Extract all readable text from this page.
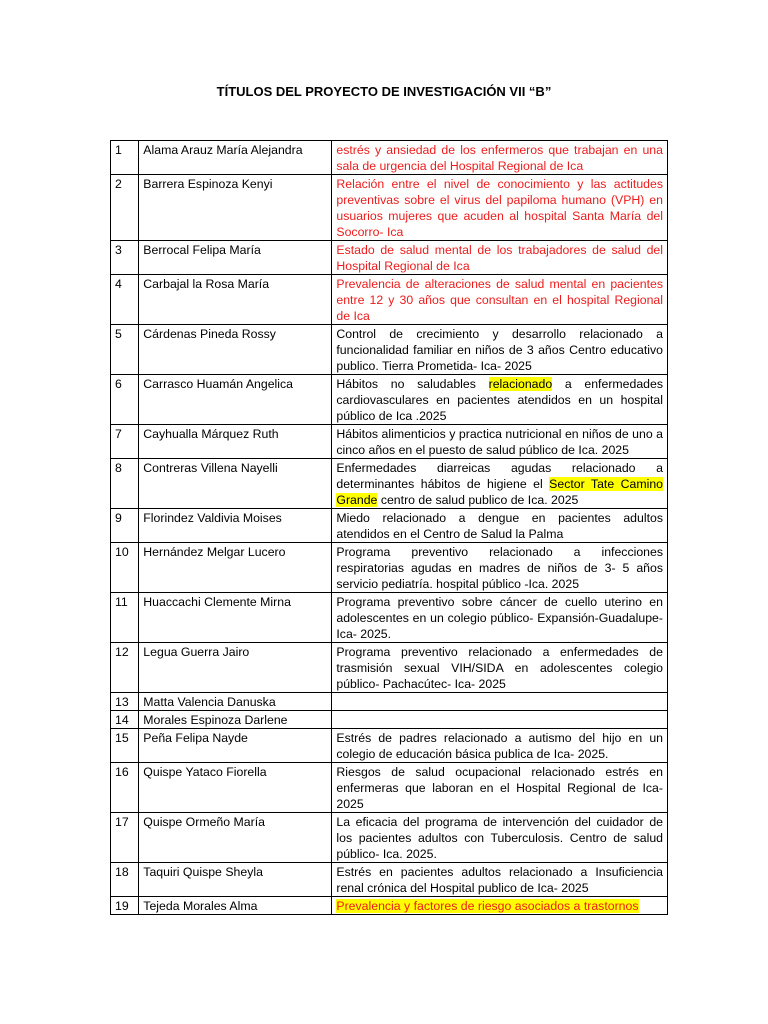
TÍTULOS DEL PROYECTO DE INVESTIGACIÓN VII “B”
1	Alama Arauz María Alejandra	estrés y ansiedad de los enfermeros que trabajan en una sala de urgencia del Hospital Regional de Ica
2	Barrera Espinoza Kenyi	Relación entre el nivel de conocimiento y las actitudes preventivas sobre el virus del papiloma humano (VPH) en usuarios mujeres que acuden al hospital Santa María del Socorro- Ica
3	Berrocal Felipa María	Estado de salud mental de los trabajadores de salud del Hospital Regional de Ica
4	Carbajal la Rosa María	Prevalencia de alteraciones de salud mental en pacientes entre 12 y 30 años que consultan en el hospital Regional de Ica
5	Cárdenas Pineda Rossy	Control de crecimiento y desarrollo relacionado a funcionalidad familiar en niños de 3 años Centro educativo publico. Tierra Prometida- Ica- 2025
6	Carrasco Huamán Angelica	Hábitos no saludables relacionado a enfermedades cardiovasculares en pacientes atendidos en un hospital público de Ica .2025
7	Cayhualla Márquez Ruth	Hábitos alimenticios y practica nutricional en niños de uno a cinco años en el puesto de salud público de Ica. 2025
8	Contreras Villena Nayelli	Enfermedades diarreicas agudas relacionado a determinantes hábitos de higiene el Sector Tate Camino Grande centro de salud publico de Ica. 2025
9	Florindez Valdivia Moises	Miedo relacionado a dengue en pacientes adultos atendidos en el Centro de Salud la Palma
10	Hernández Melgar Lucero	Programa preventivo relacionado a infecciones respiratorias agudas en madres de niños de 3- 5 años servicio pediatría. hospital público -Ica. 2025
11	Huaccachi Clemente Mirna	Programa preventivo sobre cáncer de cuello uterino en adolescentes en un colegio público- Expansión-Guadalupe-Ica- 2025.
12	Legua Guerra Jairo	Programa preventivo relacionado a enfermedades de trasmisión sexual VIH/SIDA en adolescentes colegio público- Pachacútec- Ica- 2025
13	Matta Valencia Danuska	
14	Morales Espinoza Darlene	
15	Peña Felipa Nayde	Estrés de padres relacionado a autismo del hijo en un colegio de educación básica publica de Ica- 2025.
16	Quispe Yataco Fiorella	Riesgos de salud ocupacional relacionado estrés en enfermeras que laboran en el Hospital Regional de Ica- 2025
17	Quispe Ormeño María	La eficacia del programa de intervención del cuidador de los pacientes adultos con Tuberculosis. Centro de salud público- Ica. 2025.
18	Taquiri Quispe Sheyla	Estrés en pacientes adultos relacionado a Insuficiencia renal crónica del Hospital publico de Ica- 2025
19	Tejeda Morales Alma	Prevalencia y factores de riesgo asociados a trastornos
